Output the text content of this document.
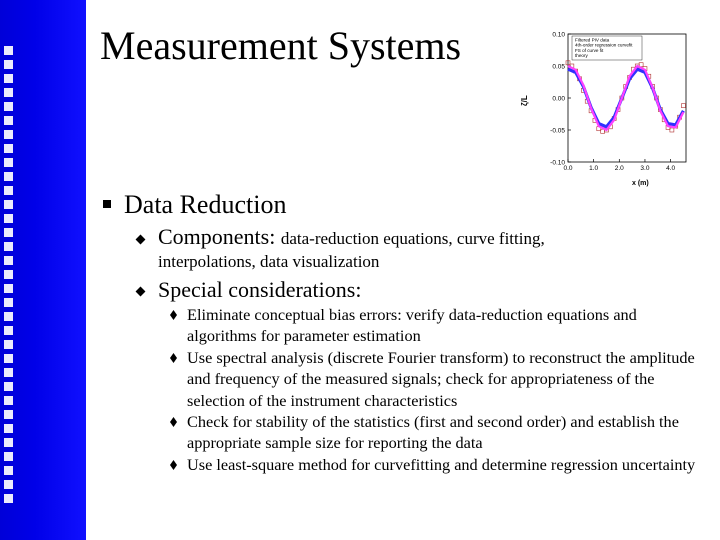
Measurement Systems
ζ/L
x (m)
Filtered PIV data
4th-order regression curvefit
FS of curve fit
theory
-0.10
-0.05
0.00
0.05
0.10
0.0	1.0	2.0	3.0	4.0
Data Reduction
Components: data-reduction equations, curve fitting,
interpolations, data visualization
Special considerations:
Eliminate conceptual bias errors: verify data-reduction equations and algorithms for parameter estimation
Use spectral analysis (discrete Fourier transform) to reconstruct the amplitude and frequency of the measured signals; check for appropriateness of the selection of the instrument characteristics
Check for stability of the statistics (first and second order) and establish the appropriate sample size for reporting the data
Use least-square method for curvefitting and determine regression uncertainty
